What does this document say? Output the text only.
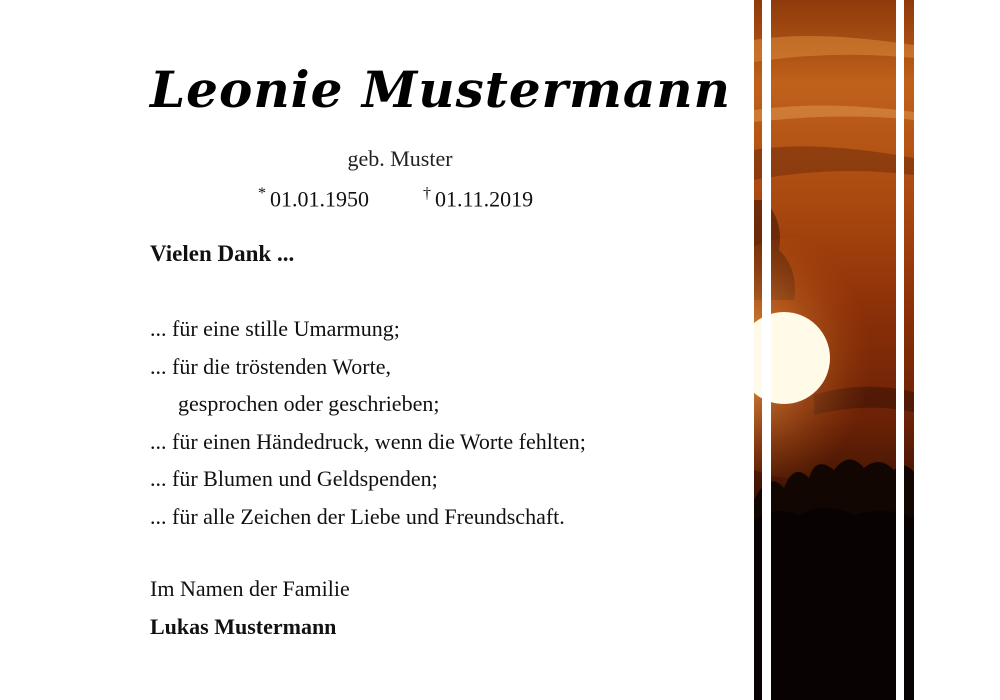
Leonie Mustermann
geb. Muster
* 01.01.1950	† 01.11.2019
Vielen Dank ...
... für eine stille Umarmung;
... für die tröstenden Worte,
gesprochen oder geschrieben;
... für einen Händedruck, wenn die Worte fehlten;
... für Blumen und Geldspenden;
... für alle Zeichen der Liebe und Freundschaft.
Im Namen der Familie
Lukas Mustermann
